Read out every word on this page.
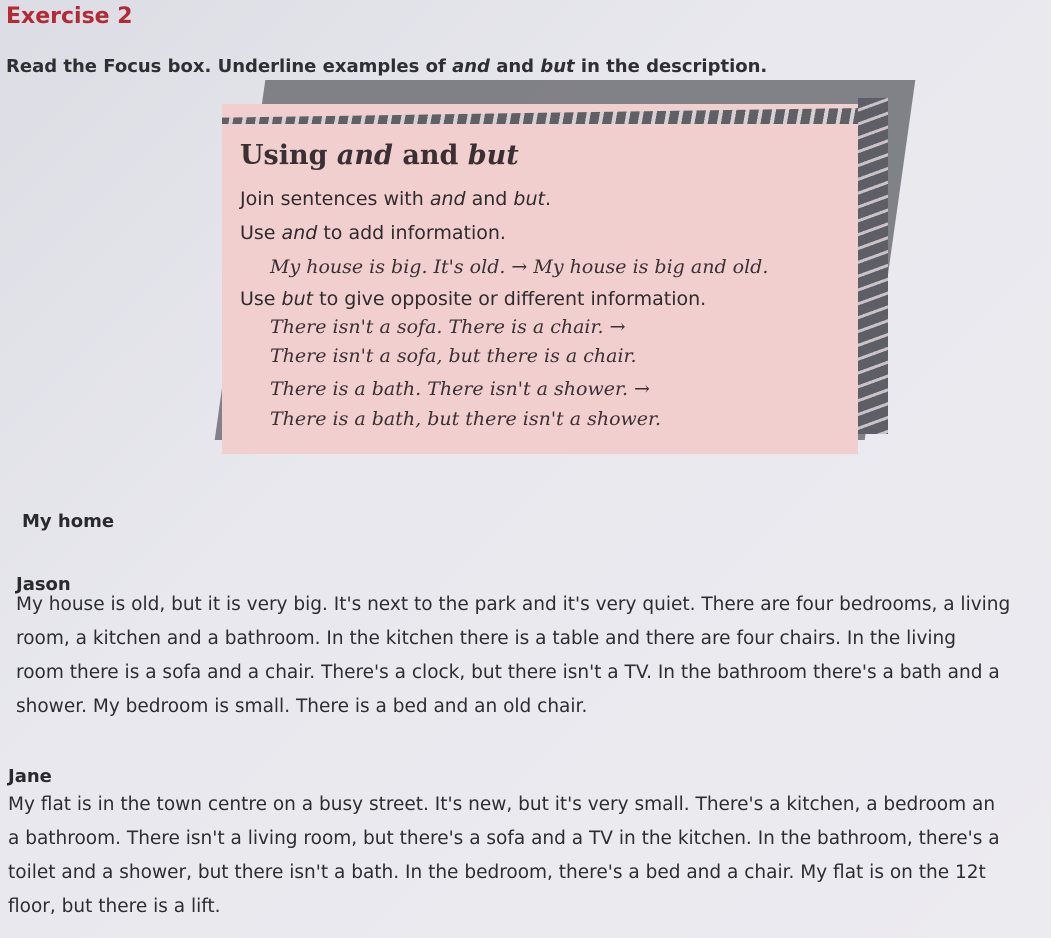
Exercise 2
Read the Focus box. Underline examples of and and but in the description.
Using and and but
Join sentences with and and but.
Use and to add information.
My house is big. It's old. → My house is big and old.
Use but to give opposite or different information.
There isn't a sofa. There is a chair. →
There isn't a sofa, but there is a chair.
There is a bath. There isn't a shower. →
There is a bath, but there isn't a shower.
My home
Jason
My house is old, but it is very big. It's next to the park and it's very quiet. There are four bedrooms, a living
room, a kitchen and a bathroom. In the kitchen there is a table and there are four chairs. In the living
room there is a sofa and a chair. There's a clock, but there isn't a TV. In the bathroom there's a bath and a
shower. My bedroom is small. There is a bed and an old chair.
Jane
My flat is in the town centre on a busy street. It's new, but it's very small. There's a kitchen, a bedroom an
a bathroom. There isn't a living room, but there's a sofa and a TV in the kitchen. In the bathroom, there's a
toilet and a shower, but there isn't a bath. In the bedroom, there's a bed and a chair. My flat is on the 12t
floor, but there is a lift.
